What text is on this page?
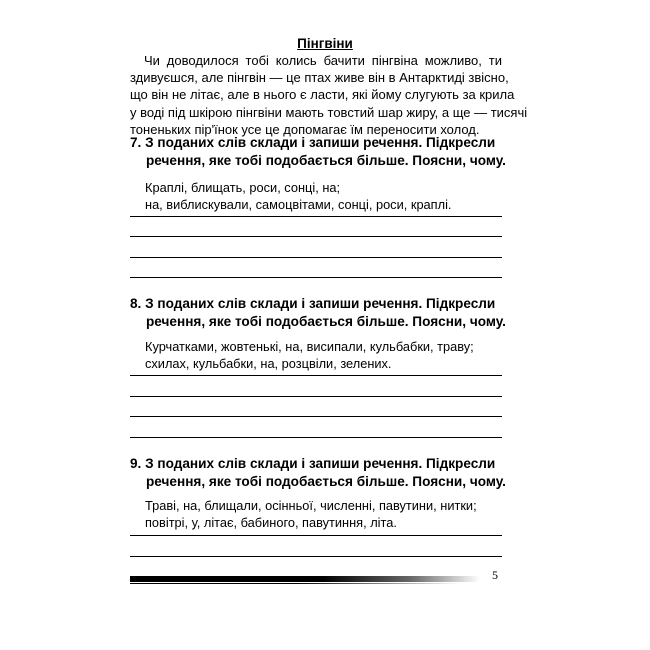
Пінгвіни
Чи доводилося тобі колись бачити пінгвіна можливо, ти
здивуєшся, але пінгвін — це птах живе він в Антарктиді звісно,
що він не літає, але в нього є ласти, які йому слугують за крила
у воді під шкірою пінгвіни мають товстий шар жиру, а ще — тисячі
тоненьких пір'їнок усе це допомагає їм переносити холод.
7. З поданих слів склади і запиши речення. Підкресли
речення, яке тобі подобається більше. Поясни, чому.
Краплі, блищать, роси, сонці, на;
на, виблискували, самоцвітами, сонці, роси, краплі.
8. З поданих слів склади і запиши речення. Підкресли
речення, яке тобі подобається більше. Поясни, чому.
Курчатками, жовтенькі, на, висипали, кульбабки, траву;
схилах, кульбабки, на, розцвіли, зелених.
9. З поданих слів склади і запиши речення. Підкресли
речення, яке тобі подобається більше. Поясни, чому.
Траві, на, блищали, осінньої, численні, павутини, нитки;
повітрі, у, літає, бабиного, павутиння, літа.
5
